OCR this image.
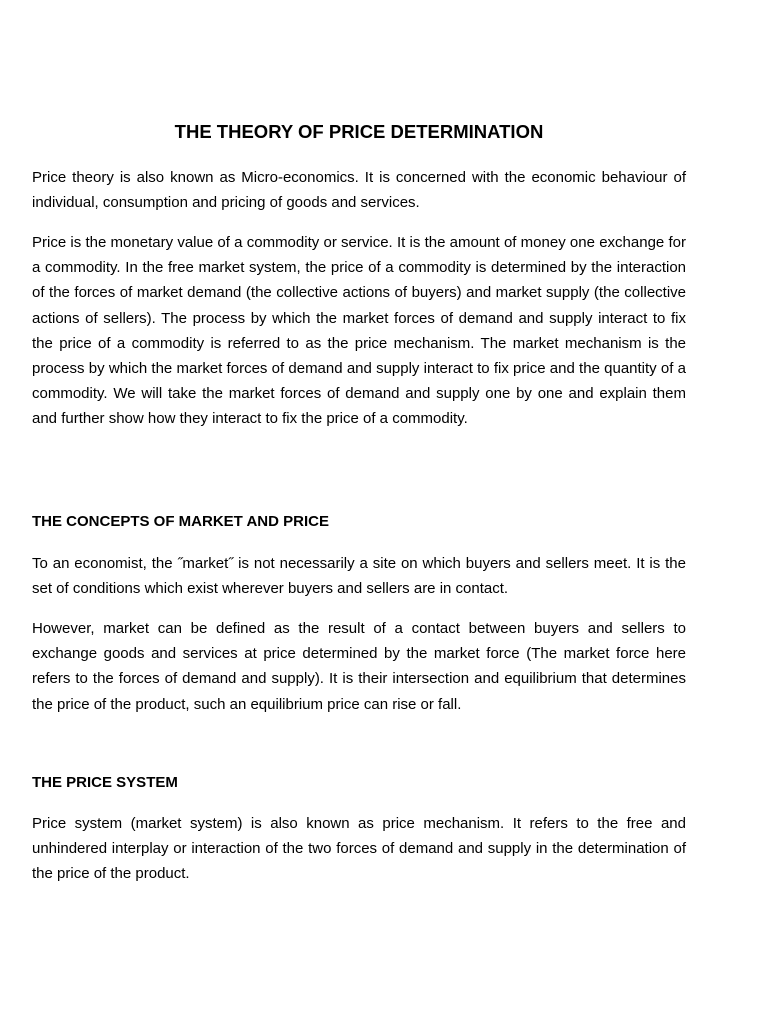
THE THEORY OF PRICE DETERMINATION

Price theory is also known as Micro-economics. It is concerned with the economic behaviour of individual, consumption and pricing of goods and services.

Price is the monetary value of a commodity or service. It is the amount of money one exchange for a commodity. In the free market system, the price of a commodity is determined by the interaction of the forces of market demand (the collective actions of buyers) and market supply (the collective actions of sellers). The process by which the market forces of demand and supply interact to fix the price of a commodity is referred to as the price mechanism. The market mechanism is the process by which the market forces of demand and supply interact to fix price and the quantity of a commodity. We will take the market forces of demand and supply one by one and explain them and further show how they interact to fix the price of a commodity.

THE CONCEPTS OF MARKET AND PRICE

To an economist, the ˝market˝ is not necessarily a site on which buyers and sellers meet. It is the set of conditions which exist wherever buyers and sellers are in contact.

However, market can be defined as the result of a contact between buyers and sellers to exchange goods and services at price determined by the market force (The market force here refers to the forces of demand and supply). It is their intersection and equilibrium that determines the price of the product, such an equilibrium price can rise or fall.

THE PRICE SYSTEM

Price system (market system) is also known as price mechanism. It refers to the free and unhindered interplay or interaction of the two forces of demand and supply in the determination of the price of the product.
